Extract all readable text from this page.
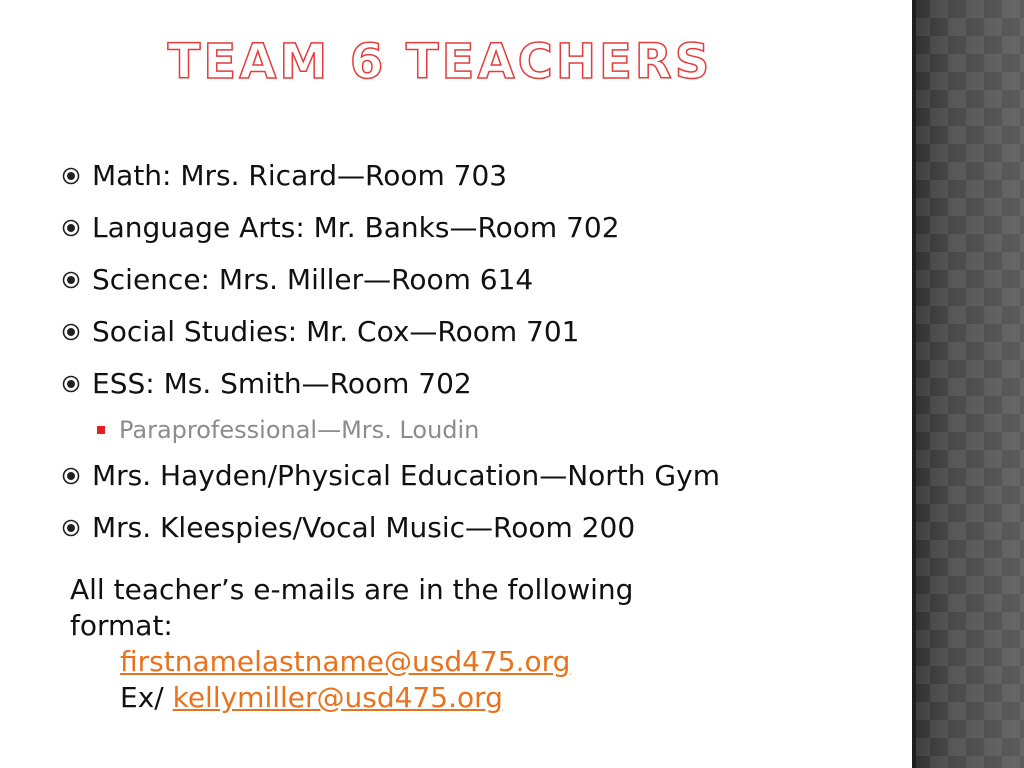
TEAM 6 TEACHERS
Math: Mrs. Ricard—Room 703
Language Arts: Mr. Banks—Room 702
Science: Mrs. Miller—Room 614
Social Studies: Mr. Cox—Room 701
ESS: Ms. Smith—Room 702
Paraprofessional—Mrs. Loudin
Mrs. Hayden/Physical Education—North Gym
Mrs. Kleespies/Vocal Music—Room 200
All teacher’s e-mails are in the following format:
firstnamelastname@usd475.org
Ex/ kellymiller@usd475.org
